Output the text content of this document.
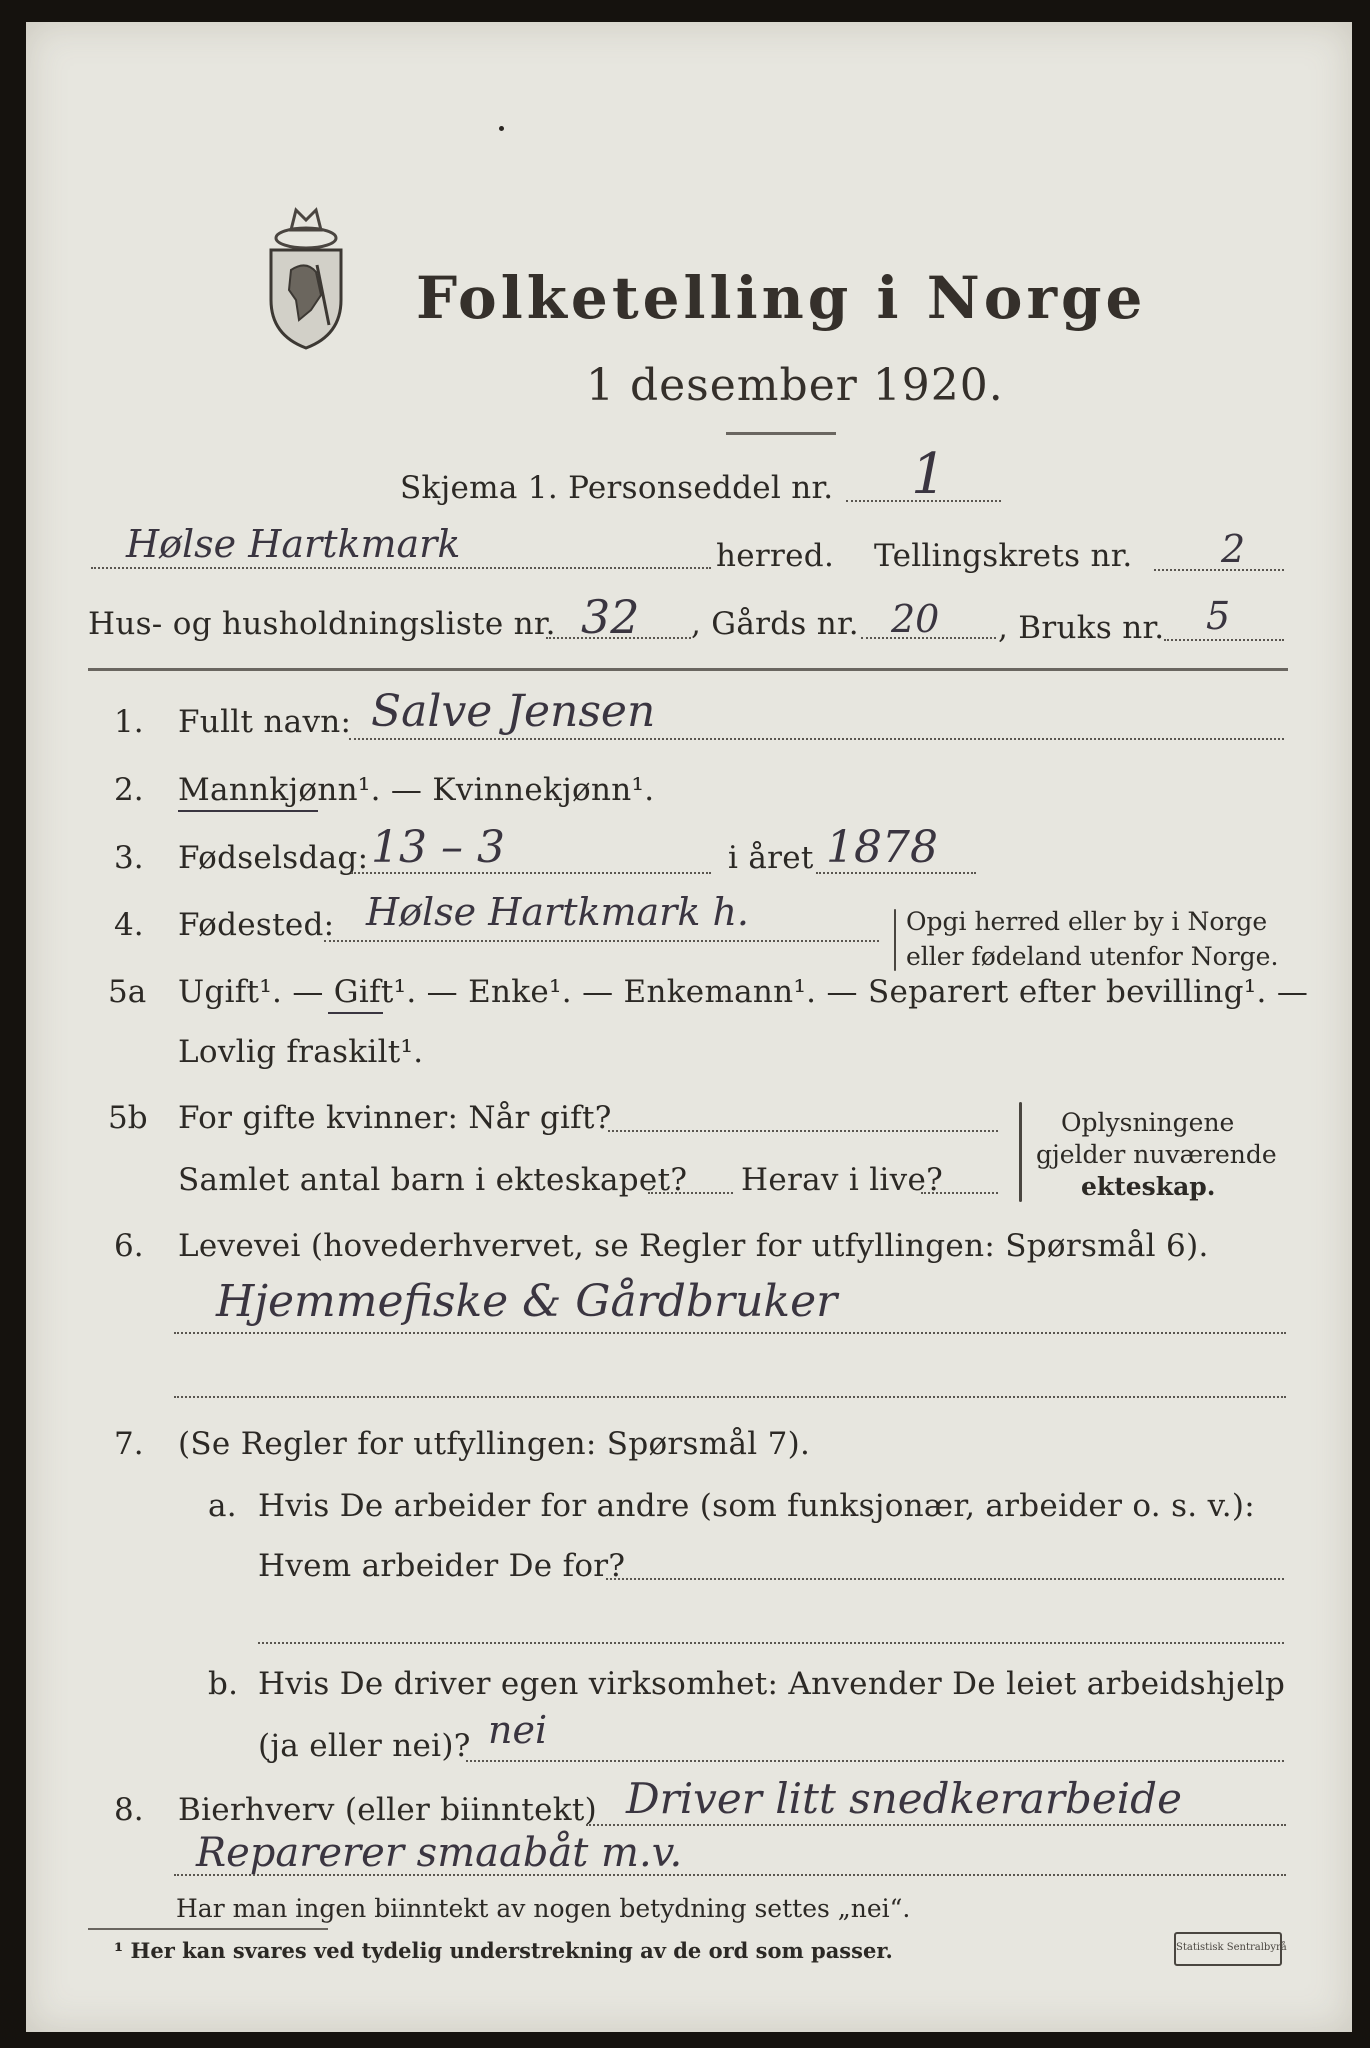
Folketelling i Norge
1 desember 1920.
Skjema 1. Personseddel nr. 1
Hølse Hartkmark	herred. Tellingskrets nr. 2
Hus- og husholdningsliste nr. 32 , Gårds nr. 20 , Bruks nr. 5
1. Fullt navn: Salve Jensen
2. Mannkjønn¹. — Kvinnekjønn¹.
3. Fødselsdag: 13 – 3	i året 1878
4. Fødested: Hølse Hartkmark h.	Opgi herred eller by i Norge
eller fødeland utenfor Norge.
5a Ugift¹. — Gift¹. — Enke¹. — Enkemann¹. — Separert efter bevilling¹. —
Lovlig fraskilt¹.
5b For gifte kvinner: Når gift?
Samlet antal barn i ekteskapet? Herav i live?
Oplysningene
gjelder nuværende
ekteskap.
6. Levevei (hovederhvervet, se Regler for utfyllingen: Spørsmål 6).
Hjemmefiske & Gårdbruker
7. (Se Regler for utfyllingen: Spørsmål 7).
a. Hvis De arbeider for andre (som funksjonær, arbeider o. s. v.):
Hvem arbeider De for?
b. Hvis De driver egen virksomhet: Anvender De leiet arbeidshjelp
(ja eller nei)? nei
8. Bierhverv (eller biinntekt) Driver litt snedkerarbeide
Reparerer smaabåt m.v.
Har man ingen biinntekt av nogen betydning settes „nei“.
¹ Her kan svares ved tydelig understrekning av de ord som passer.	Statistisk Sentralbyrå
